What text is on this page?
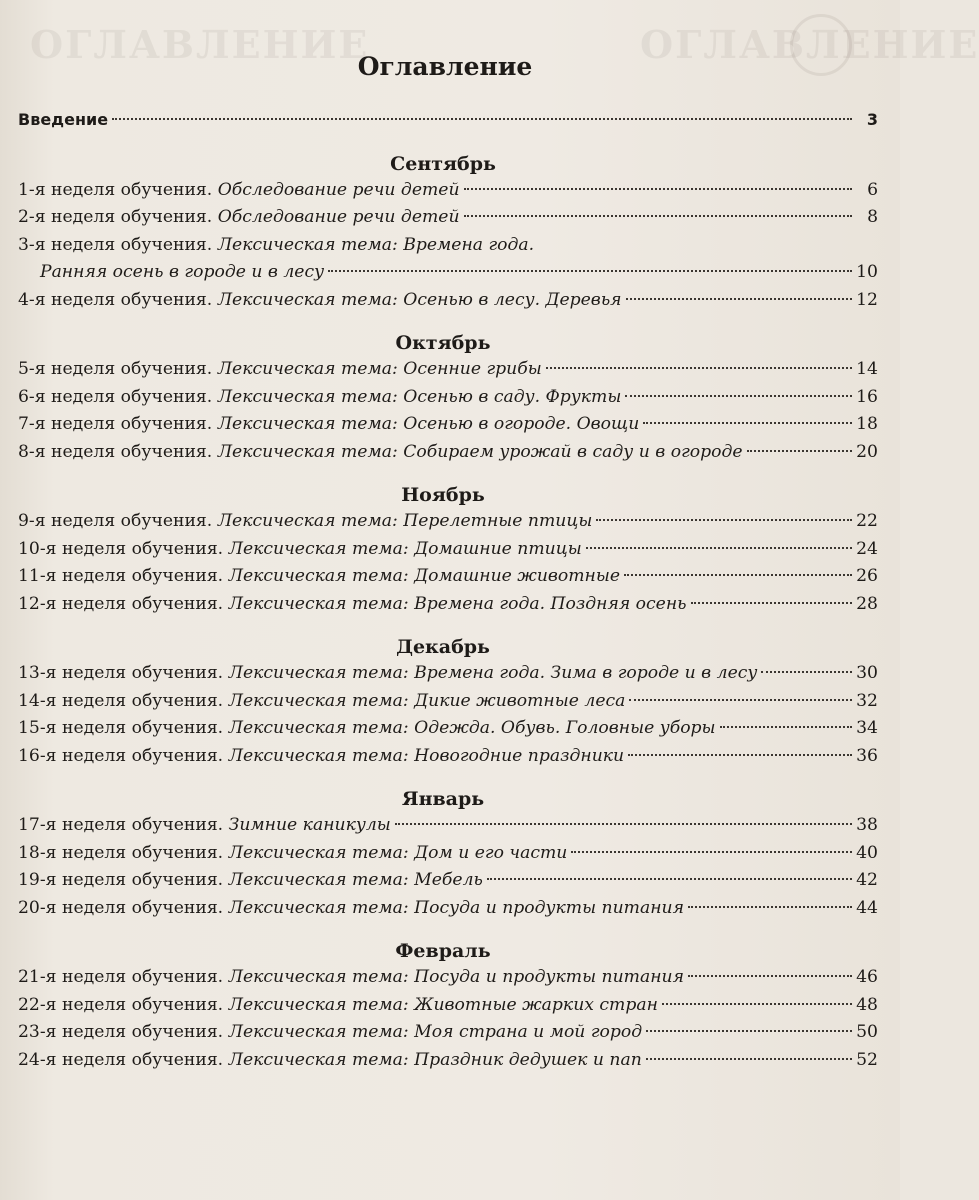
ОГЛАВЛЕНИЕ	ОГЛАВЛЕНИЕ
Оглавление
Введение	3
Сентябрь
1-я неделя обучения. Обследование речи детей	6
2-я неделя обучения. Обследование речи детей	8
3-я неделя обучения. Лексическая тема: Времена года.
Ранняя осень в городе и в лесу	10
4-я неделя обучения. Лексическая тема: Осенью в лесу. Деревья	12
Октябрь
5-я неделя обучения. Лексическая тема: Осенние грибы	14
6-я неделя обучения. Лексическая тема: Осенью в саду. Фрукты	16
7-я неделя обучения. Лексическая тема: Осенью в огороде. Овощи	18
8-я неделя обучения. Лексическая тема: Собираем урожай в саду и в огороде	20
Ноябрь
9-я неделя обучения. Лексическая тема: Перелетные птицы	22
10-я неделя обучения. Лексическая тема: Домашние птицы	24
11-я неделя обучения. Лексическая тема: Домашние животные	26
12-я неделя обучения. Лексическая тема: Времена года. Поздняя осень	28
Декабрь
13-я неделя обучения. Лексическая тема: Времена года. Зима в городе и в лесу	30
14-я неделя обучения. Лексическая тема: Дикие животные леса	32
15-я неделя обучения. Лексическая тема: Одежда. Обувь. Головные уборы	34
16-я неделя обучения. Лексическая тема: Новогодние праздники	36
Январь
17-я неделя обучения. Зимние каникулы	38
18-я неделя обучения. Лексическая тема: Дом и его части	40
19-я неделя обучения. Лексическая тема: Мебель	42
20-я неделя обучения. Лексическая тема: Посуда и продукты питания	44
Февраль
21-я неделя обучения. Лексическая тема: Посуда и продукты питания	46
22-я неделя обучения. Лексическая тема: Животные жарких стран	48
23-я неделя обучения. Лексическая тема: Моя страна и мой город	50
24-я неделя обучения. Лексическая тема: Праздник дедушек и пап	52
